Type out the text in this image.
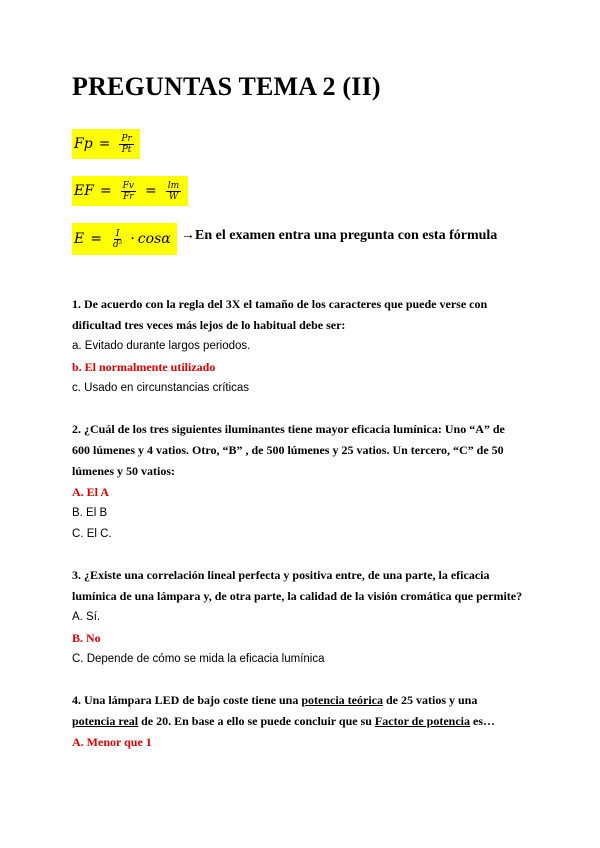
PREGUNTAS TEMA 2 (II)
$Fp = \frac{Pr}{Pt}$
EF = $\frac{Fv}{Fr} = \frac{lm}{W}$
$E = \frac{I}{\text{d²}} \cdot \cos\alpha \to En$ el examen entra una pregunta con esta fórmula
1. De acuerdo con la regla del 3X el tamaño de los caracteres que puede verse con
dificultad tres veces más lejos de lo habitual debe ser:
a. Evitado durante largos periodos.
b. El normalmente utilizado
c. Usado en circunstancias críticas
2. ¿Cuál de los tres siguientes iluminantes tiene mayor eficacia lumínica: Uno “A” de
600 lúmenes y 4 vatios. Otro, “B” , de 500 lúmenes y 25 vatios. Un tercero, “C” de 50
lúmenes y 50 vatios:
A. El A
B. El B
C. El C.
3. ¿Existe una correlación lineal perfecta y positiva entre, de una parte, la eficacia
lumínica de una lámpara y, de otra parte, la calidad de la visión cromática que permite?
A. Sí.
B. No
C. Depende de cómo se mida la eficacia lumínica
4. Una lámpara LED de bajo coste tiene una potencia teórica de 25 vatios y una
potencia real de 20. En base a ello se puede concluir que su Factor de potencia es…
A. Menor que 1
